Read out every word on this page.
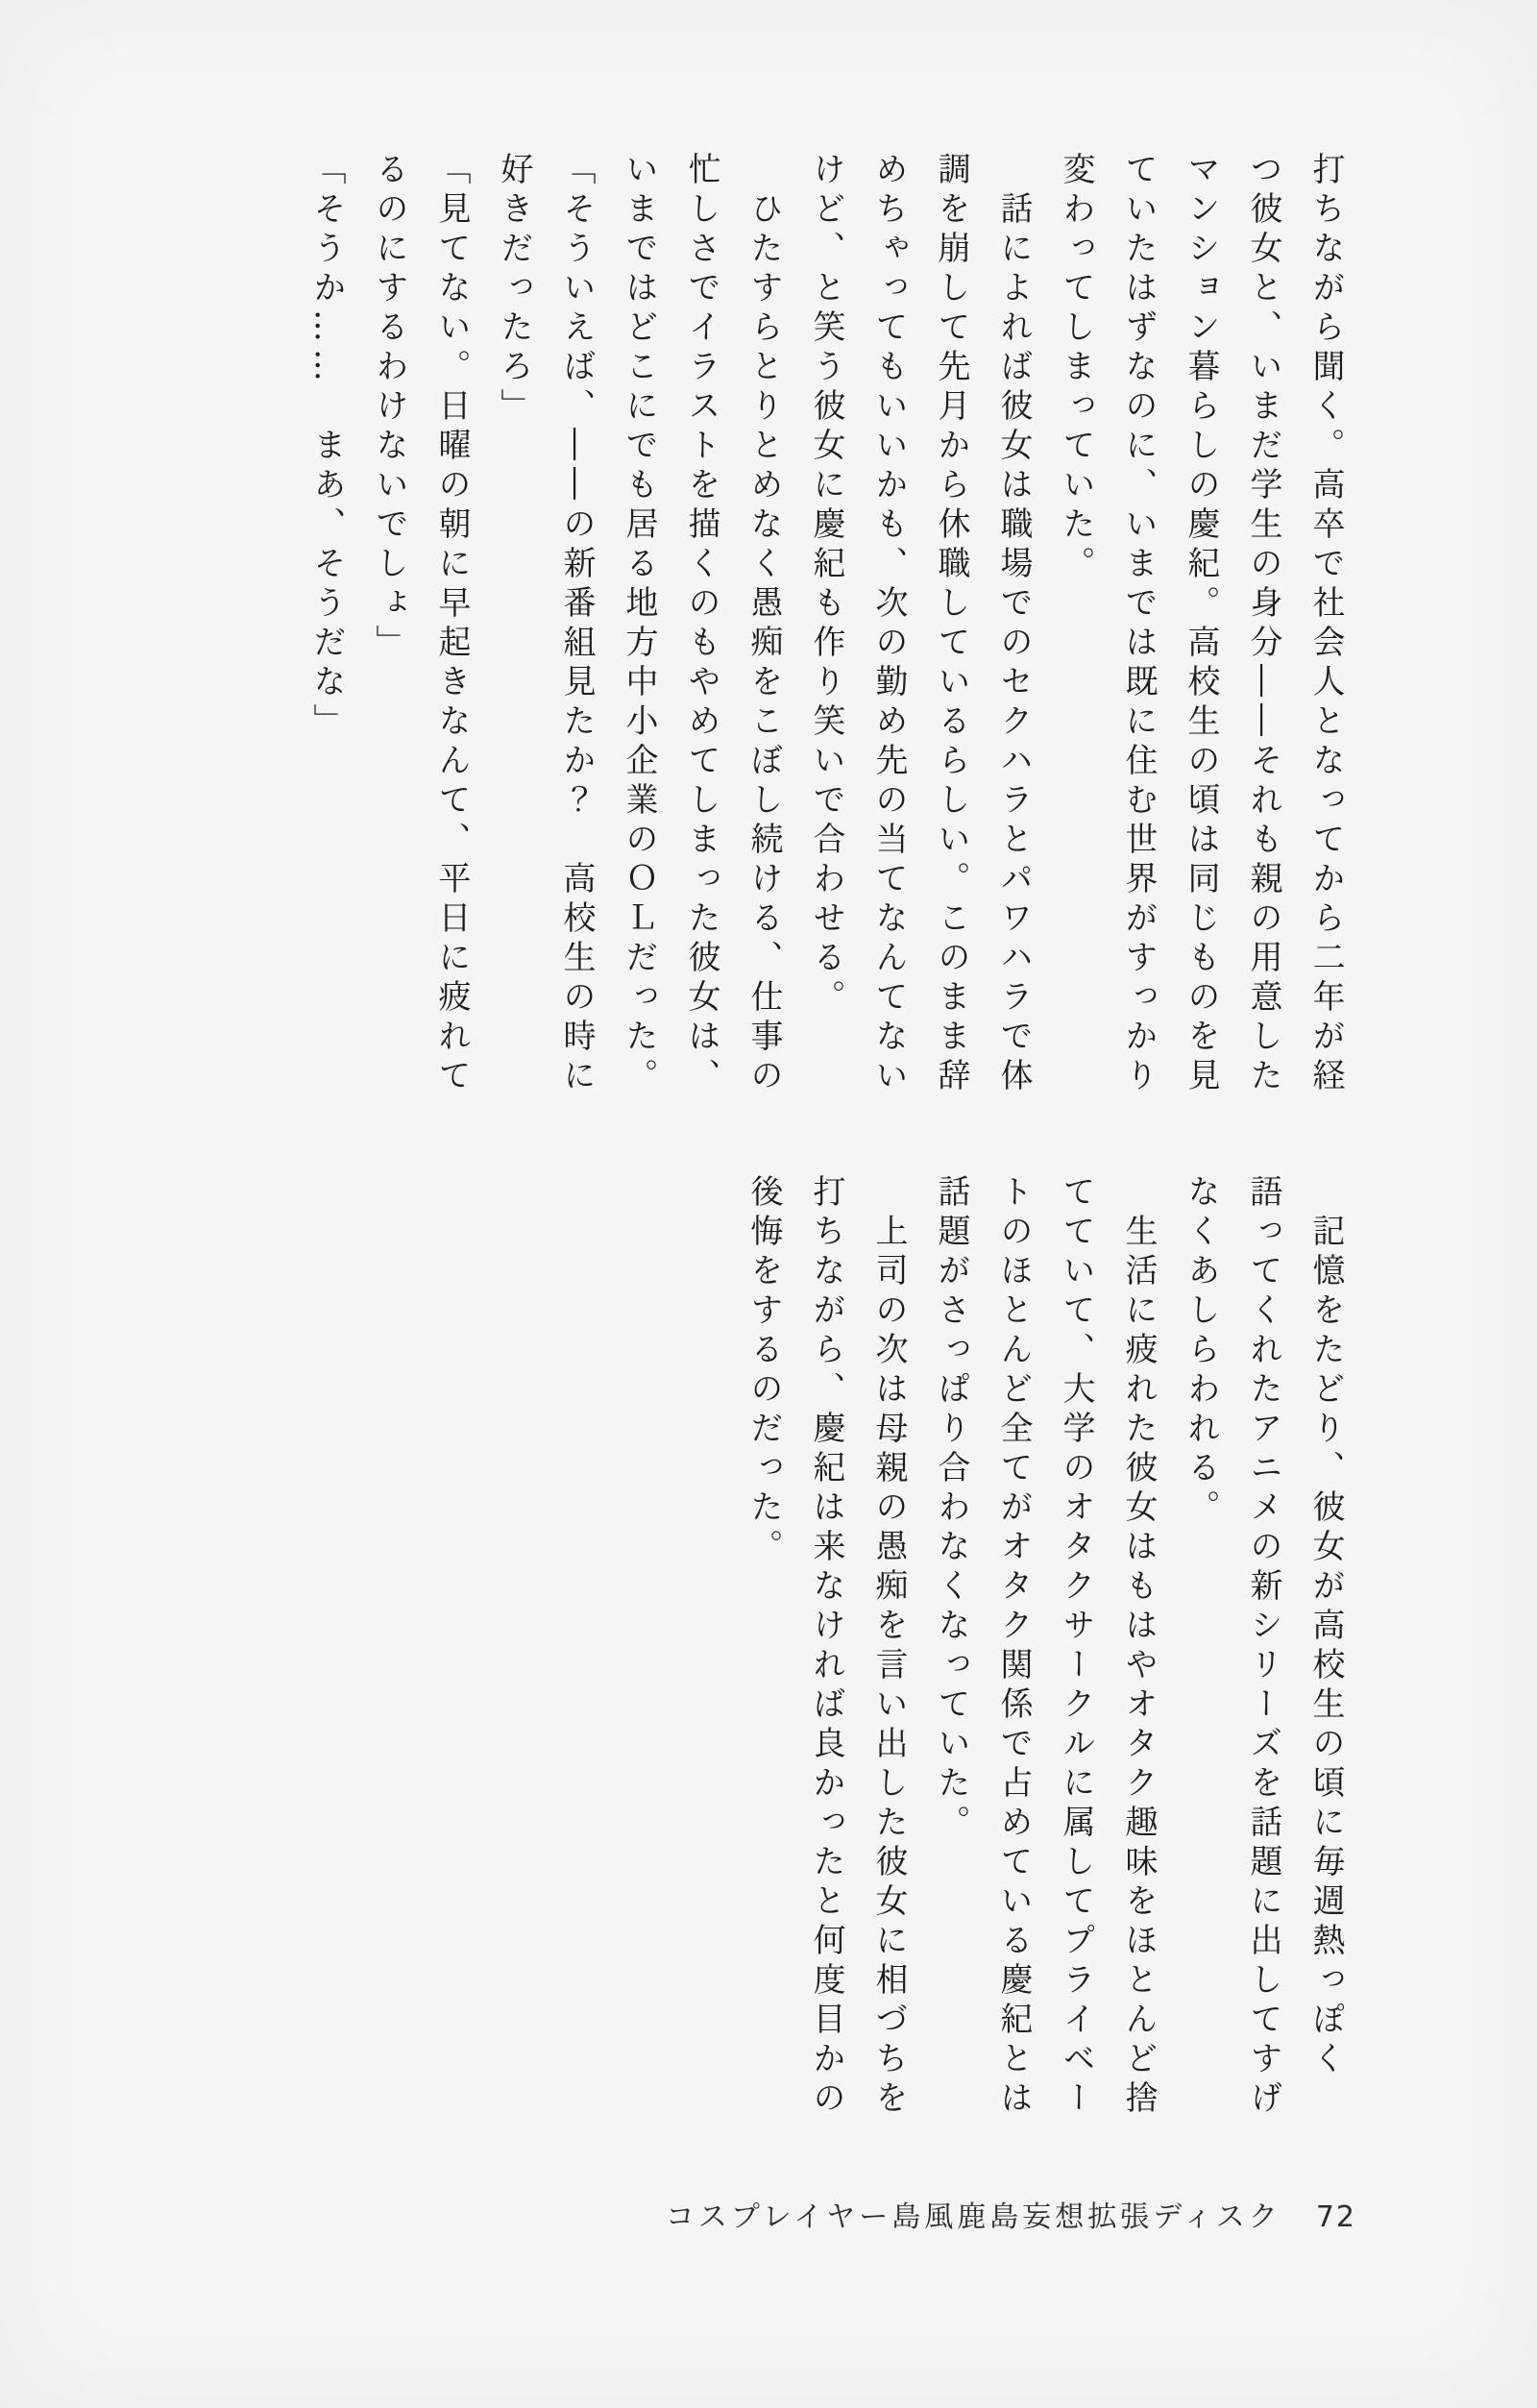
打ちながら聞く。高卒で社会人となってから二年が経
つ彼女と、いまだ学生の身分――それも親の用意した
マンション暮らしの慶紀。高校生の頃は同じものを見
ていたはずなのに、いまでは既に住む世界がすっかり
変わってしまっていた。
　話によれば彼女は職場でのセクハラとパワハラで体
調を崩して先月から休職しているらしい。このまま辞
めちゃってもいいかも、次の勤め先の当てなんてない
けど、と笑う彼女に慶紀も作り笑いで合わせる。
　ひたすらとりとめなく愚痴をこぼし続ける、仕事の
忙しさでイラストを描くのもやめてしまった彼女は、
いまではどこにでも居る地方中小企業のＯＬだった。
「そういえば、――の新番組見たか？　高校生の時に
好きだったろ」
「見てない。日曜の朝に早起きなんて、平日に疲れて
るのにするわけないでしょ」
「そうか……　まあ、そうだな」
　記憶をたどり、彼女が高校生の頃に毎週熱っぽく
語ってくれたアニメの新シリーズを話題に出してすげ
なくあしらわれる。
　生活に疲れた彼女はもはやオタク趣味をほとんど捨
てていて、大学のオタクサークルに属してプライベー
トのほとんど全てがオタク関係で占めている慶紀とは
話題がさっぱり合わなくなっていた。
　上司の次は母親の愚痴を言い出した彼女に相づちを
打ちながら、慶紀は来なければ良かったと何度目かの
後悔をするのだった。
コスプレイヤー島風鹿島妄想拡張ディスク 72
